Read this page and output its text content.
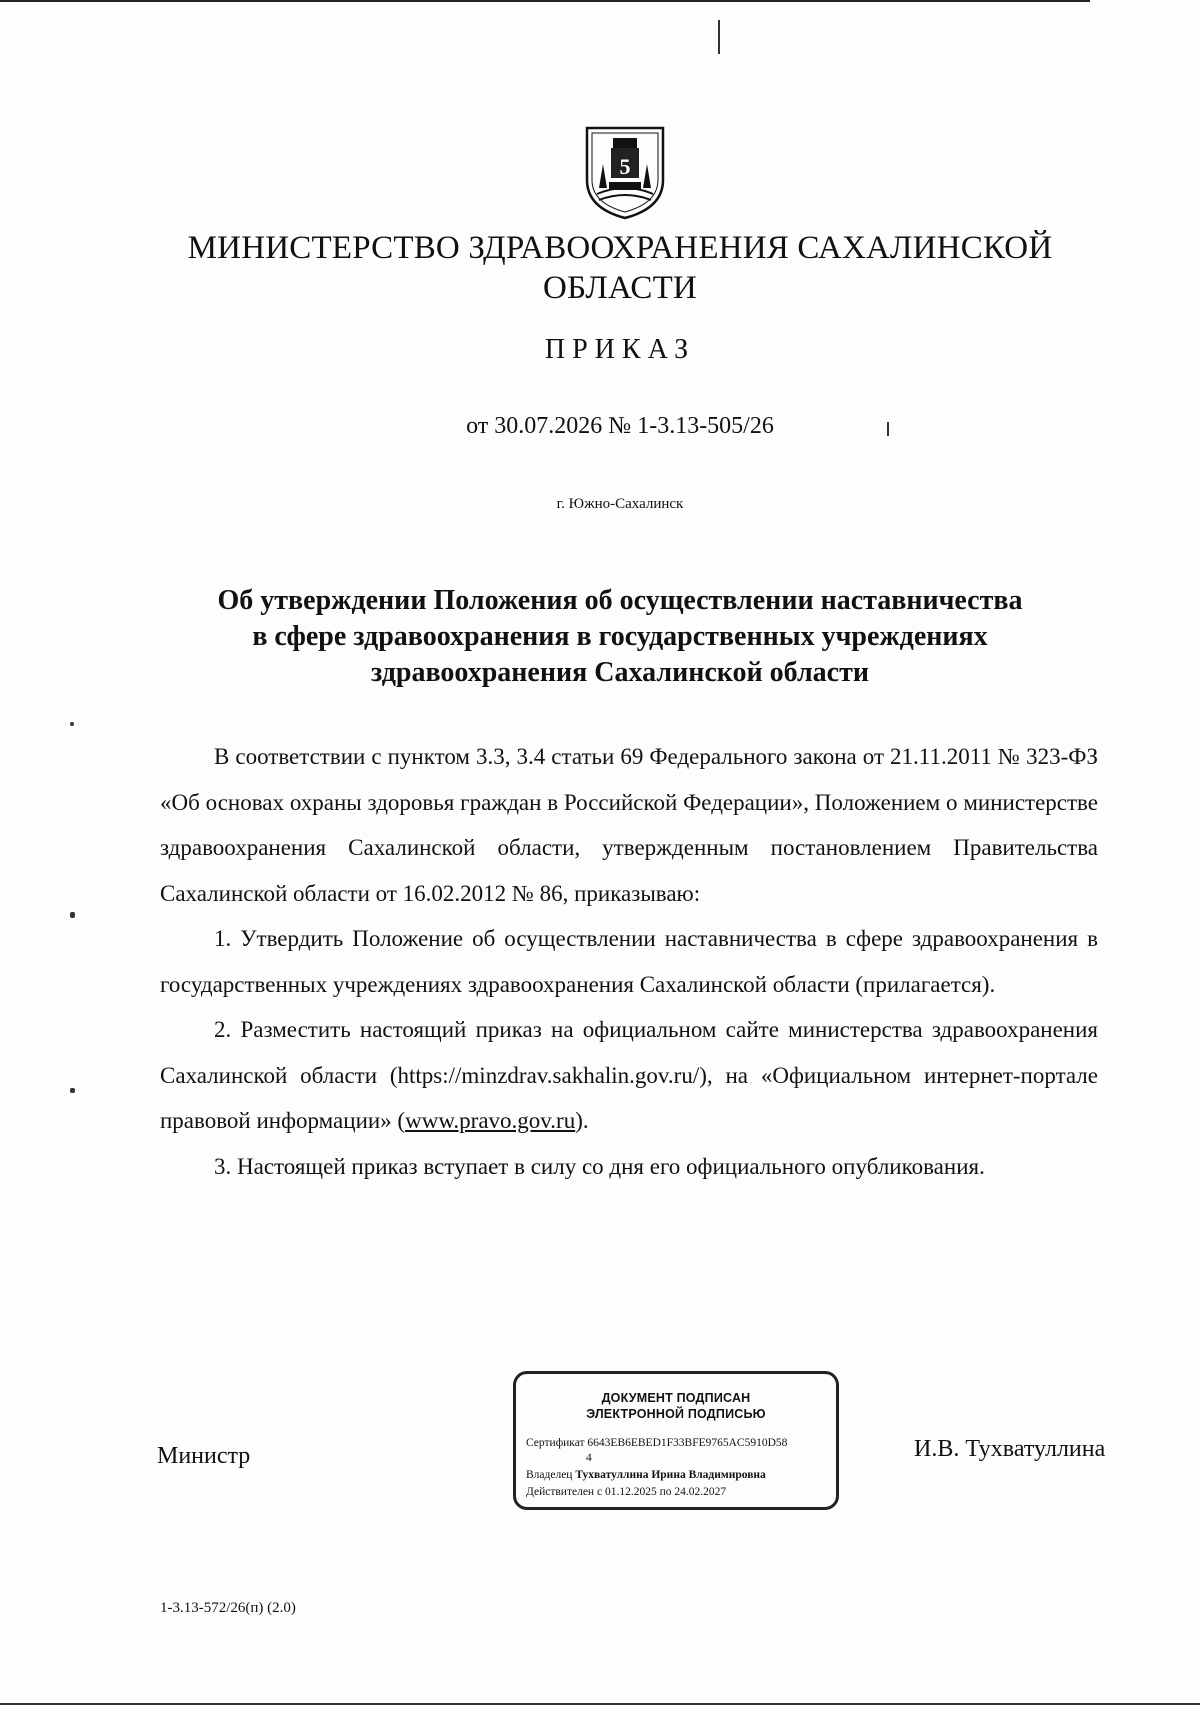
5
МИНИСТЕРСТВО ЗДРАВООХРАНЕНИЯ САХАЛИНСКОЙ
ОБЛАСТИ
ПРИКАЗ
от 30.07.2026 № 1-3.13-505/26
г. Южно-Сахалинск
Об утверждении Положения об осуществлении наставничества
в сфере здравоохранения в государственных учреждениях
здравоохранения Сахалинской области

В соответствии с пунктом 3.3, 3.4 статьи 69 Федерального закона от 21.11.2011 № 323-ФЗ «Об основах охраны здоровья граждан в Российской Федерации», Положением о министерстве здравоохранения Сахалинской области, утвержденным постановлением Правительства Сахалинской области от 16.02.2012 № 86, приказываю:

1. Утвердить Положение об осуществлении наставничества в сфере здравоохранения в государственных учреждениях здравоохранения Сахалинской области (прилагается).

2. Разместить настоящий приказ на официальном сайте министерства здравоохранения Сахалинской области (https://minzdrav.sakhalin.gov.ru/), на «Официальном интернет-портале правовой информации» (www.pravo.gov.ru).

3. Настоящей приказ вступает в силу со дня его официального опубликования.

Министр
ДОКУМЕНТ ПОДПИСАН
ЭЛЕКТРОННОЙ ПОДПИСЬЮ
Сертификат 6643EB6EBED1F33BFE9765AC5910D58
4
Владелец Тухватуллина Ирина Владимировна
Действителен с 01.12.2025 по 24.02.2027
И.В. Тухватуллина
1-3.13-572/26(п) (2.0)
